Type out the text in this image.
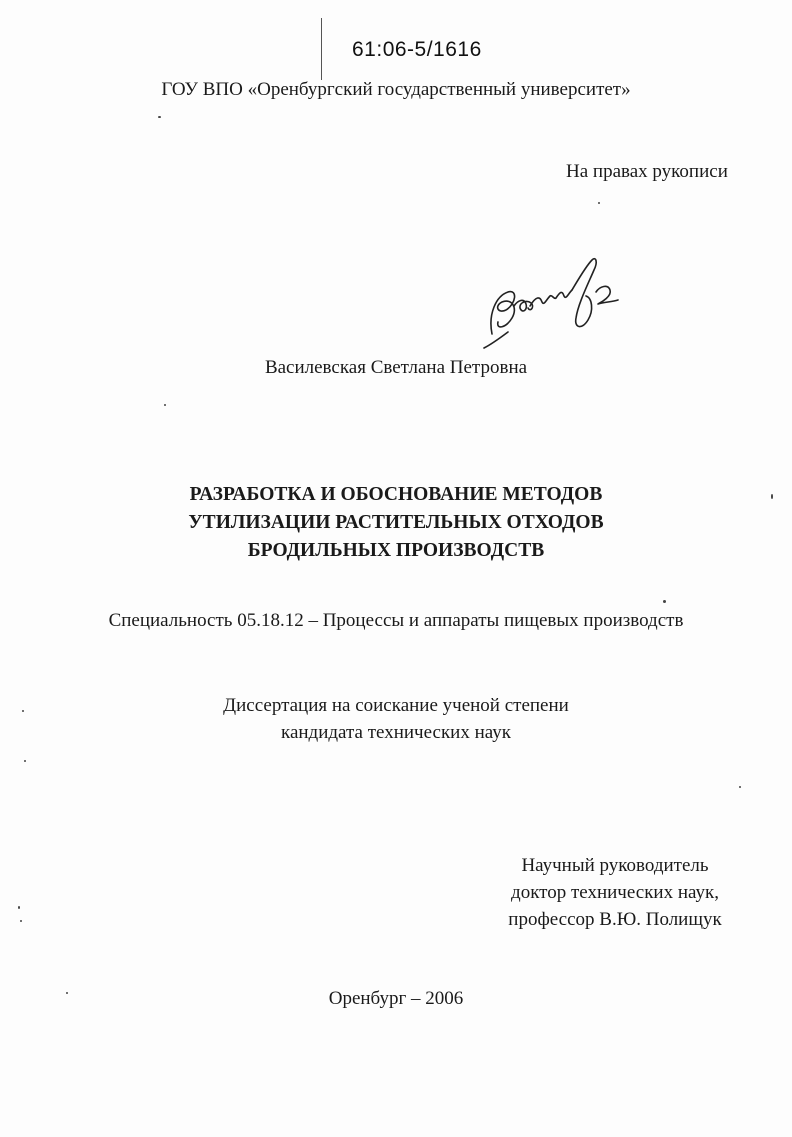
61:06-5/1616
ГОУ ВПО «Оренбургский государственный университет»
На правах рукописи
Василевская Светлана Петровна
РАЗРАБОТКА И ОБОСНОВАНИЕ МЕТОДОВ
УТИЛИЗАЦИИ РАСТИТЕЛЬНЫХ ОТХОДОВ
БРОДИЛЬНЫХ ПРОИЗВОДСТВ
Специальность 05.18.12 – Процессы и аппараты пищевых производств
Диссертация на соискание ученой степени
кандидата технических наук
Научный руководитель
доктор технических наук,
профессор В.Ю. Полищук
Оренбург – 2006
